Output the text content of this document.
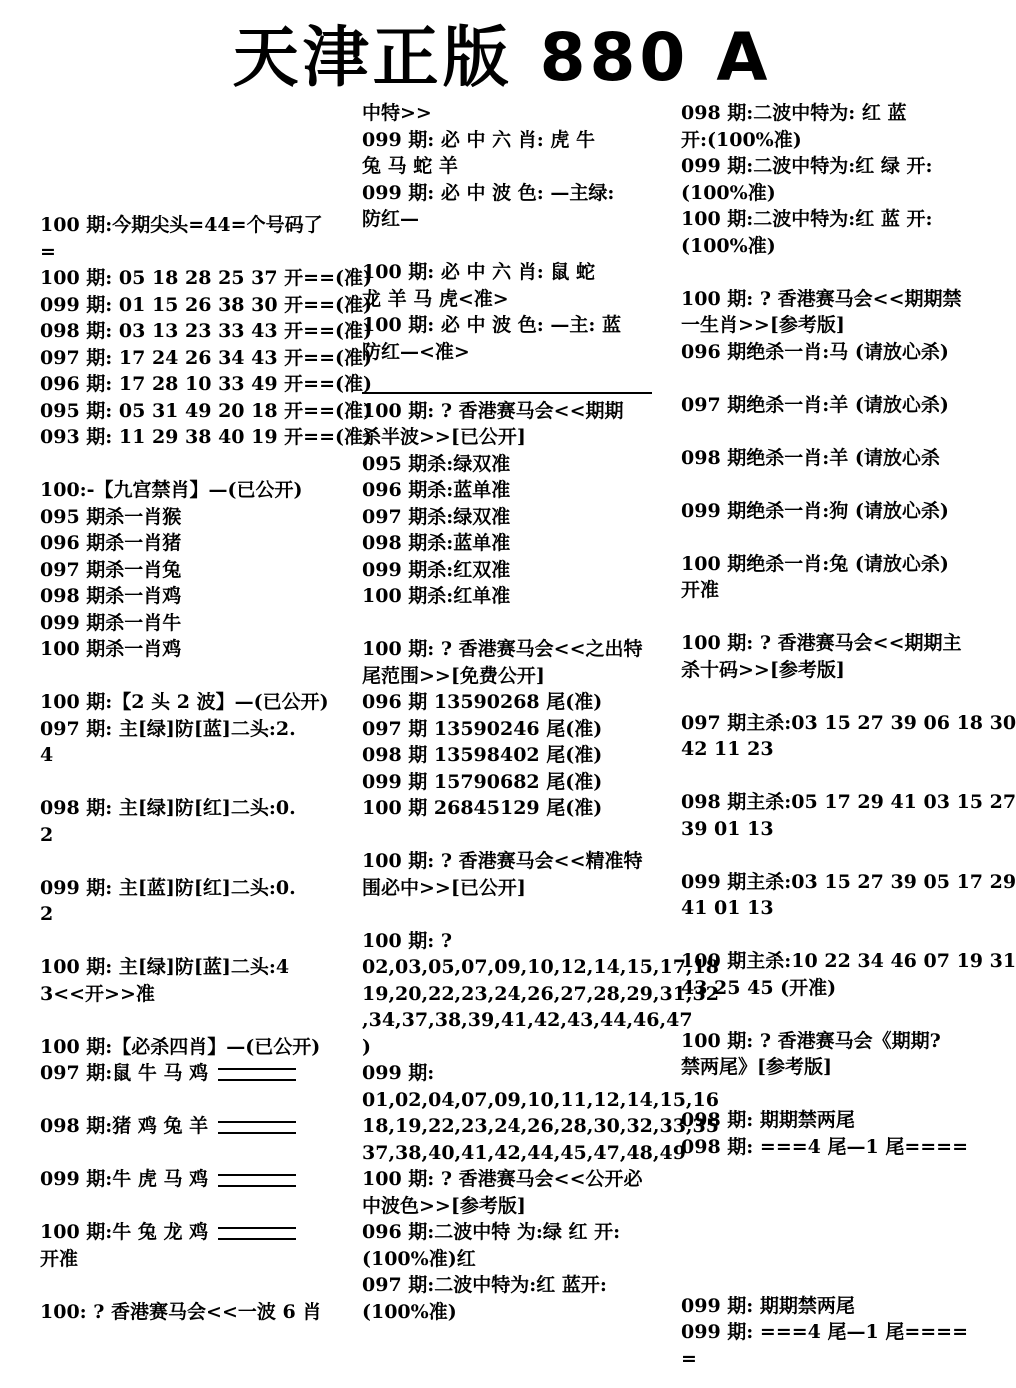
天津正版 880 A
100 期:今期尖头=44=个号码了
=
100 期: 05 18 28 25 37 开==(准)
099 期: 01 15 26 38 30 开==(准)
098 期: 03 13 23 33 43 开==(准)
097 期: 17 24 26 34 43 开==(准)
096 期: 17 28 10 33 49 开==(准)
095 期: 05 31 49 20 18 开==(准)
093 期: 11 29 38 40 19 开==(准)
100:-【九宫禁肖】—(已公开)
095 期杀一肖猴
096 期杀一肖猪
097 期杀一肖兔
098 期杀一肖鸡
099 期杀一肖牛
100 期杀一肖鸡
100 期:【2 头 2 波】—(已公开)
097 期: 主[绿]防[蓝]二头:2.
4
098 期: 主[绿]防[红]二头:0.
2
099 期: 主[蓝]防[红]二头:0.
2
100 期: 主[绿]防[蓝]二头:4
3<<开>>准
100 期:【必杀四肖】—(已公开)
097 期:鼠 牛 马 鸡
098 期:猪 鸡 兔 羊
099 期:牛 虎 马 鸡
100 期:牛 兔 龙 鸡
开准
100: ? 香港赛马会<<一波 6 肖
中特>>
099 期: 必 中 六 肖: 虎 牛
兔 马 蛇 羊
099 期: 必 中 波 色: —主绿:
防红—
100 期: 必 中 六 肖: 鼠 蛇
龙 羊 马 虎<准>
100 期: 必 中 波 色: —主: 蓝
防红—<准>
100 期: ? 香港赛马会<<期期
杀半波>>[已公开]
095 期杀:绿双准
096 期杀:蓝单准
097 期杀:绿双准
098 期杀:蓝单准
099 期杀:红双准
100 期杀:红单准
100 期: ? 香港赛马会<<之出特
尾范围>>[免费公开]
096 期 13590268 尾(准)
097 期 13590246 尾(准)
098 期 13598402 尾(准)
099 期 15790682 尾(准)
100 期 26845129 尾(准)
100 期: ? 香港赛马会<<精准特
围必中>>[已公开]
100 期: ?
02,03,05,07,09,10,12,14,15,17,18
19,20,22,23,24,26,27,28,29,31,32
,34,37,38,39,41,42,43,44,46,47
)
099 期:
01,02,04,07,09,10,11,12,14,15,16
18,19,22,23,24,26,28,30,32,33,35
37,38,40,41,42,44,45,47,48,49
100 期: ? 香港赛马会<<公开必
中波色>>[参考版]
096 期:二波中特 为:绿 红 开:
(100%准)红
097 期:二波中特为:红 蓝开:
(100%准)
098 期:二波中特为: 红 蓝
开:(100%准)
099 期:二波中特为:红 绿 开:
(100%准)
100 期:二波中特为:红 蓝 开:
(100%准)
100 期: ? 香港赛马会<<期期禁
一生肖>>[参考版]
096 期绝杀一肖:马 (请放心杀)
097 期绝杀一肖:羊 (请放心杀)
098 期绝杀一肖:羊 (请放心杀
099 期绝杀一肖:狗 (请放心杀)
100 期绝杀一肖:兔 (请放心杀)
开准
100 期: ? 香港赛马会<<期期主
杀十码>>[参考版]
097 期主杀:03 15 27 39 06 18 30
42 11 23
098 期主杀:05 17 29 41 03 15 27
39 01 13
099 期主杀:03 15 27 39 05 17 29
41 01 13
100 期主杀:10 22 34 46 07 19 31
43 25 45 (开准)
100 期: ? 香港赛马会《期期?
禁两尾》[参考版]
098 期: 期期禁两尾
098 期: ===4 尾—1 尾====
099 期: 期期禁两尾
099 期: ===4 尾—1 尾====
=
